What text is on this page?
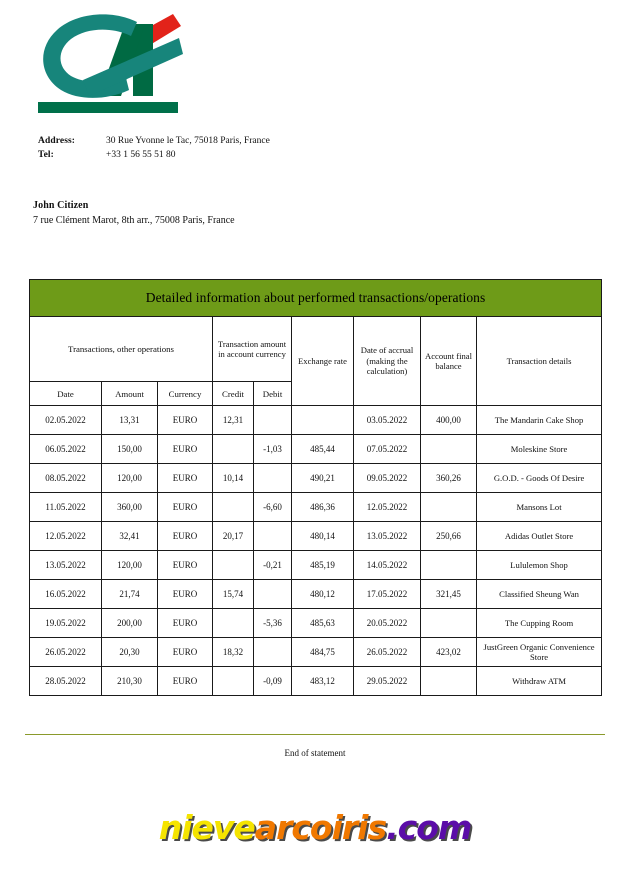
Address:	30 Rue Yvonne le Tac, 75018 Paris, France
Tel:	+33 1 56 55 51 80
John Citizen
7 rue Clément Marot, 8th arr., 75008 Paris, France
Detailed information about performed transactions/operations								
Transactions, other operations			Transaction amount in account currency		Exchange rate	Date of accrual (making the calculation)	Account final balance	Transaction details
Date	Amount	Currency	Credit	Debit				
02.05.2022	13,31	EURO	12,31			03.05.2022	400,00	The Mandarin Cake Shop
06.05.2022	150,00	EURO		-1,03	485,44	07.05.2022		Moleskine Store
08.05.2022	120,00	EURO	10,14		490,21	09.05.2022	360,26	G.O.D. - Goods Of Desire
11.05.2022	360,00	EURO		-6,60	486,36	12.05.2022		Mansons Lot
12.05.2022	32,41	EURO	20,17		480,14	13.05.2022	250,66	Adidas Outlet Store
13.05.2022	120,00	EURO		-0,21	485,19	14.05.2022		Lululemon Shop
16.05.2022	21,74	EURO	15,74		480,12	17.05.2022	321,45	Classified Sheung Wan
19.05.2022	200,00	EURO		-5,36	485,63	20.05.2022		The Cupping Room
26.05.2022	20,30	EURO	18,32		484,75	26.05.2022	423,02	JustGreen Organic Convenience Store
28.05.2022	210,30	EURO		-0,09	483,12	29.05.2022		Withdraw ATM
End of statement
nievearcoiris.com
